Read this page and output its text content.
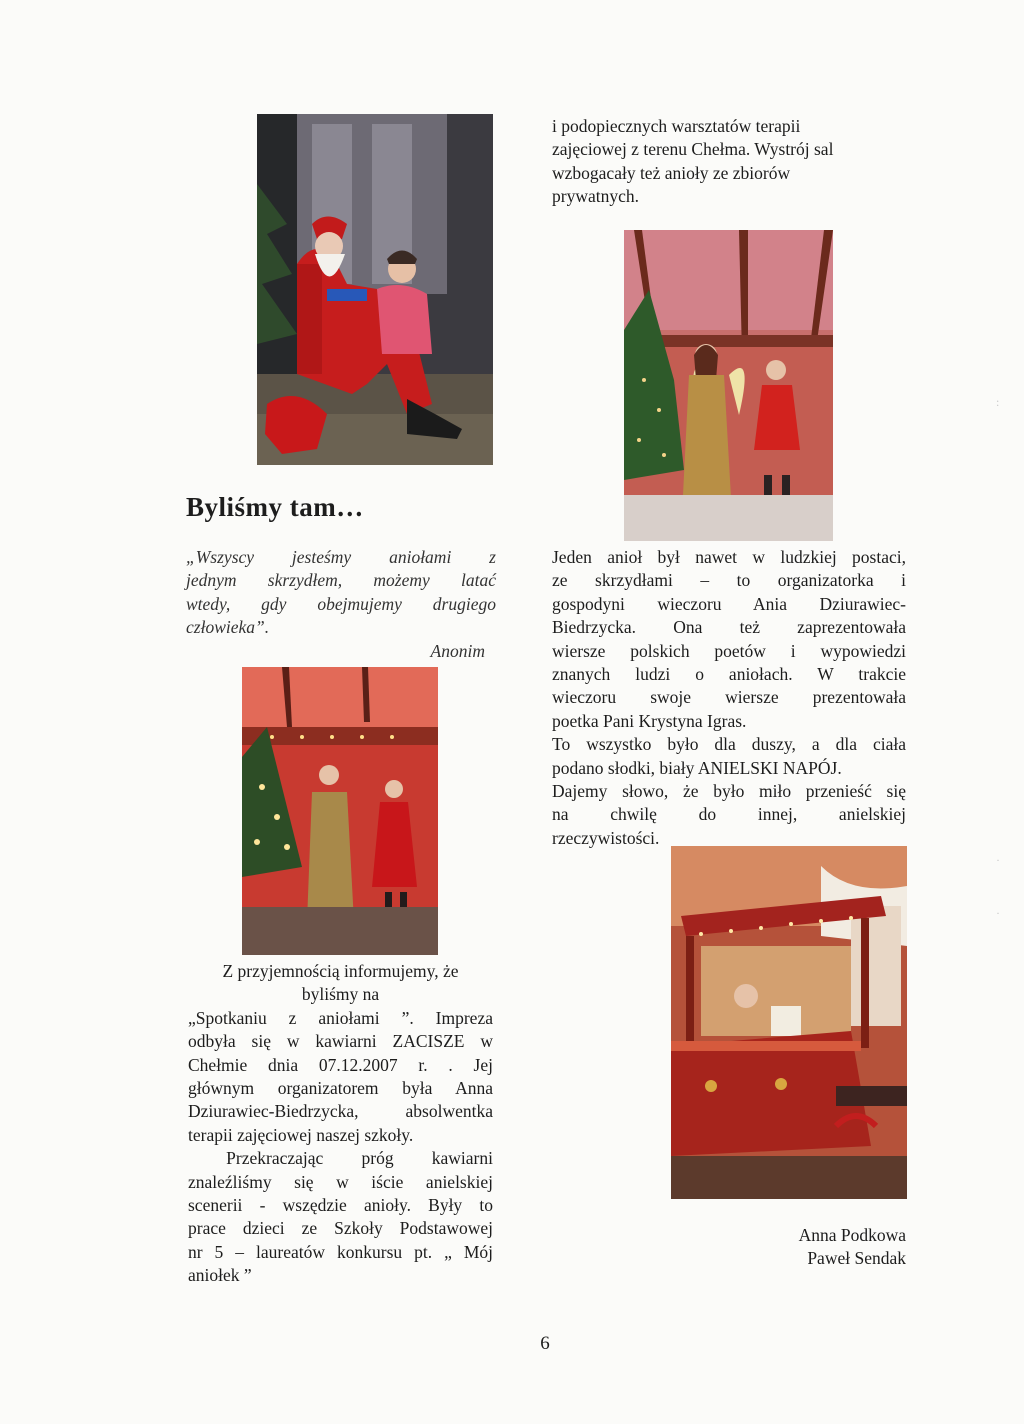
i podopiecznych warsztatów terapii
zajęciowej z terenu Chełma. Wystrój sal
wzbogacały też anioły ze zbiorów
prywatnych.
Byliśmy tam…
„Wszyscy jesteśmy aniołami z
jednym skrzydłem, możemy latać
wtedy, gdy obejmujemy drugiego
człowieka”.
Anonim
Jeden anioł był nawet w ludzkiej postaci,
ze skrzydłami – to organizatorka i
gospodyni wieczoru Ania Dziurawiec-
Biedrzycka. Ona też zaprezentowała
wiersze polskich poetów i wypowiedzi
znanych ludzi o aniołach. W trakcie
wieczoru swoje wiersze prezentowała
poetka Pani Krystyna Igras.
To wszystko było dla duszy, a dla ciała
podano słodki, biały ANIELSKI NAPÓJ.
Dajemy słowo, że było miło przenieść się
na chwilę do innej, anielskiej
rzeczywistości.
Z przyjemnością informujemy, że
byliśmy na
„Spotkaniu z aniołami ”. Impreza
odbyła się w kawiarni ZACISZE w
Chełmie dnia 07.12.2007 r. . Jej
głównym organizatorem była Anna
Dziurawiec-Biedrzycka, absolwentka
terapii zajęciowej naszej szkoły.
Przekraczając próg kawiarni
znaleźliśmy się w iście anielskiej
scenerii - wszędzie anioły. Były to
prace dzieci ze Szkoły Podstawowej
nr 5 – laureatów konkursu pt. „ Mój
aniołek ”
Anna Podkowa
Paweł Sendak
6
:
·
·
